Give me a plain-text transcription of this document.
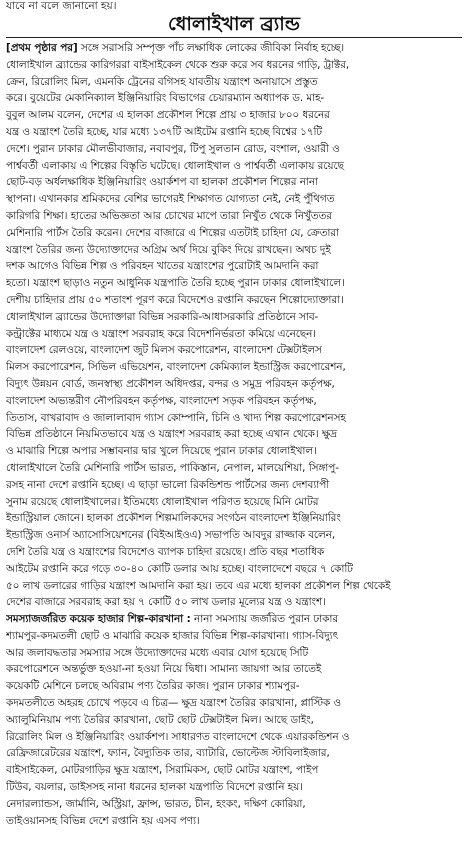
যাবে না বলে জানানো হয়।
ধোলাইখাল ব্র্যান্ড
[প্রথম পৃষ্ঠার পর] সঙ্গে সরাসরি সম্পৃক্ত পাঁচ লক্ষাধিক লোকের জীবিকা নির্বাহ হচ্ছে।
ধোলাইখাল ব্র্যান্ডের কারিগররা বাইসাইকেল থেকে শুরু করে সব ধরনের গাড়ি, ট্রাক্টর,
ক্রেন, রিরোলিং মিল, এমনকি ট্রেনের বগিসহ যাবতীয় যন্ত্রাংশ অনায়াসে প্রস্তুত
করে। বুয়েটের মেকানিক্যাল ইঞ্জিনিয়ারিং বিভাগের চেয়ারম্যান অধ্যাপক ড. মাহ-
বুবুল আলম বলেন, দেশের এ হালকা প্রকৌশল শিল্পে প্রায় ৩ হাজার ৮০০ ধরনের
যন্ত্র ও যন্ত্রাংশ তৈরি হচ্ছে, যার মধ্যে ১৩৭টি আইটেম রপ্তানি হচ্ছে বিশ্বের ১৭টি
দেশে। পুরান ঢাকার মৌলভীবাজার, নবাবপুর, টিপু সুলতান রোড, বংশাল, ওয়ারী ও
পার্শ্ববর্তী এলাকায় এ শিল্পের বিস্তৃতি ঘটেছে। ধোলাইখাল ও পার্শ্ববর্তী এলাকায় রয়েছে
ছোট-বড় অর্ধলক্ষাধিক ইঞ্জিনিয়ারিং ওয়ার্কশপ বা হালকা প্রকৌশল শিল্পের নানা
স্থাপনা। এখানকার শ্রমিকদের বেশির ভাগেরই শিক্ষাগত যোগ্যতা নেই, নেই পুঁথিগত
কারিগরি শিক্ষা। হাতের অভিজ্ঞতা আর চোখের মাপে তারা নিখুঁত থেকে নিখুঁততর
মেশিনারি পার্টস তৈরি করেন। দেশের বাজারে এ শিল্পের এতটাই চাহিদা যে, ক্রেতারা
যন্ত্রাংশ তৈরির জন্য উদ্যোক্তাদের অগ্রিম অর্থ দিয়ে বুকিং দিয়ে রাখছেন। অথচ দুই
দশক আগেও বিভিন্ন শিল্প ও পরিবহন খাতের যন্ত্রাংশের পুরোটাই আমদানি করা
হতো। যন্ত্রাংশ ছাড়াও নতুন আধুনিক যন্ত্রপাতি তৈরি হচ্ছে পুরান ঢাকার ধোলাইখালে।
দেশীয় চাহিদার প্রায় ৫০ শতাংশ পূরণ করে বিদেশেও রপ্তানি করছেন শিল্পোদ্যোক্তারা।
ধোলাইখাল ব্র্যান্ডের উদ্যোক্তারা বিভিন্ন সরকারি-আধাসরকারি প্রতিষ্ঠানে সাব-
কন্ট্রাক্টের মাধ্যমে যন্ত্র ও যন্ত্রাংশ সরবরাহ করে বিদেশনির্ভরতা কমিয়ে এনেছেন।
বাংলাদেশ রেলওয়ে, বাংলাদেশ জুট মিলস করপোরেশন, বাংলাদেশ টেক্সটাইলস
মিলস করপোরেশন, সিভিল এভিয়েশন, বাংলাদেশ কেমিক্যাল ইন্ডাস্ট্রিজ করপোরেশন,
বিদ্যুৎ উন্নয়ন বোর্ড, জনস্বাস্থ্য প্রকৌশল অধিদপ্তর, বন্দর ও সমুদ্র পরিবহন কর্তৃপক্ষ,
বাংলাদেশ অভ্যন্তরীণ নৌপরিবহন কর্তৃপক্ষ, বাংলাদেশ সড়ক পরিবহন কর্তৃপক্ষ,
তিতাস, বাখরাবাদ ও জালালাবাদ গ্যাস কোম্পানি, চিনি ও খাদ্য শিল্প করপোরেশনসহ
বিভিন্ন প্রতিষ্ঠানে নিয়মিতভাবে যন্ত্র ও যন্ত্রাংশ সরবরাহ করা হচ্ছে এখান থেকে। ক্ষুদ্র
ও মাঝারি শিল্পে অপার সম্ভাবনার দ্বার খুলে দিয়েছে পুরান ঢাকার ধোলাইখাল।
ধোলাইখালে তৈরি মেশিনারি পার্টস ভারত, পাকিস্তান, নেপাল, মালয়েশিয়া, সিঙ্গাপু-
রসহ নানা দেশে রপ্তানি হচ্ছে। এ ছাড়া ভালো রিকন্ডিশন্ড পার্টসের জন্য দেশব্যাপী
সুনাম রয়েছে ধোলাইখালের। ইতিমধ্যে ধোলাইখাল পরিণত হয়েছে মিনি মোটর
ইন্ডাস্ট্রিয়াল জোনে। হালকা প্রকৌশল শিল্পমালিকদের সংগঠন বাংলাদেশ ইঞ্জিনিয়ারিং
ইন্ডাস্ট্রিজ ওনার্স অ্যাসোসিয়েশনের (বিইআইওএ) সভাপতি আবদুর রাজ্জাক বলেন,
দেশি তৈরি যন্ত্র ও যন্ত্রাংশের বিদেশেও ব্যাপক চাহিদা রয়েছে। প্রতি বছর শতাধিক
আইটেম রপ্তানি করে গড়ে ৩০-৪০ কোটি ডলার আয় হচ্ছে। বাংলাদেশে বছরে ৭ কোটি
৫০ লাখ ডলারের গাড়ির যন্ত্রাংশ আমদানি করা হয়। তবে এর মধ্যে হালকা প্রকৌশল শিল্প থেকেই
দেশের বাজারে সরবরাহ করা হয় ৭ কোটি ৫০ লাখ ডলার মূল্যের যন্ত্র ও যন্ত্রাংশ।
সমস্যাজর্জরিত কয়েক হাজার শিল্প-কারখানা : নানা সমস্যায় জর্জরিত পুরান ঢাকার
শ্যামপুর-কদমতলী ছোট ও মাঝারি কয়েক হাজার বিভিন্ন শিল্প-কারখানা। গ্যাস-বিদ্যুৎ
আর জলাবদ্ধতার সমস্যার সঙ্গে উদ্যোক্তাদের মধ্যে এবার যোগ হয়েছে সিটি
করপোরেশনে অন্তর্ভুক্ত হওয়া-না হওয়া নিয়ে দ্বিধা। সামান্য জায়গা আর তাতেই
কয়েকটি মেশিনে চলছে অবিরাম পণ্য তৈরির কাজ। পুরান ঢাকার শ্যামপুর-
কদমতলীতে অহরহ চোখে পড়বে এ চিত্র— ক্ষুদ্র যন্ত্রাংশ তৈরির কারখানা, প্লাস্টিক ও
অ্যালুমিনিয়াম পণ্য তৈরির কারখানা, ছোট ছোট টেক্সটাইল মিল। আছে ডাইং,
রিরোলিং মিল ও ইঞ্জিনিয়ারিং ওয়ার্কশপ। সাধারণত বাংলাদেশে থেকে এয়ারকন্ডিশন ও
রেফ্রিজারেটরের যন্ত্রাংশ, ফ্যান, বৈদ্যুতিক তার, ব্যাটারি, ভোল্টেজ স্টাবিলাইজার,
বাইসাইকেল, মোটরগাড়ির ক্ষুদ্র যন্ত্রাংশ, সিরামিকস, ছোট মোটর যন্ত্রাংশ, পাইপ
টিউব, বয়লার, ডাইসসহ নানা ধরনের হালকা যন্ত্রপাতি বিদেশে রপ্তানি হয়।
নেদারল্যান্ডস, জার্মানি, অস্ট্রিয়া, ফ্রান্স, ভারত, চীন, হংকং, দক্ষিণ কোরিয়া,
তাইওয়ানসহ বিভিন্ন দেশে রপ্তানি হয় এসব পণ্য।
